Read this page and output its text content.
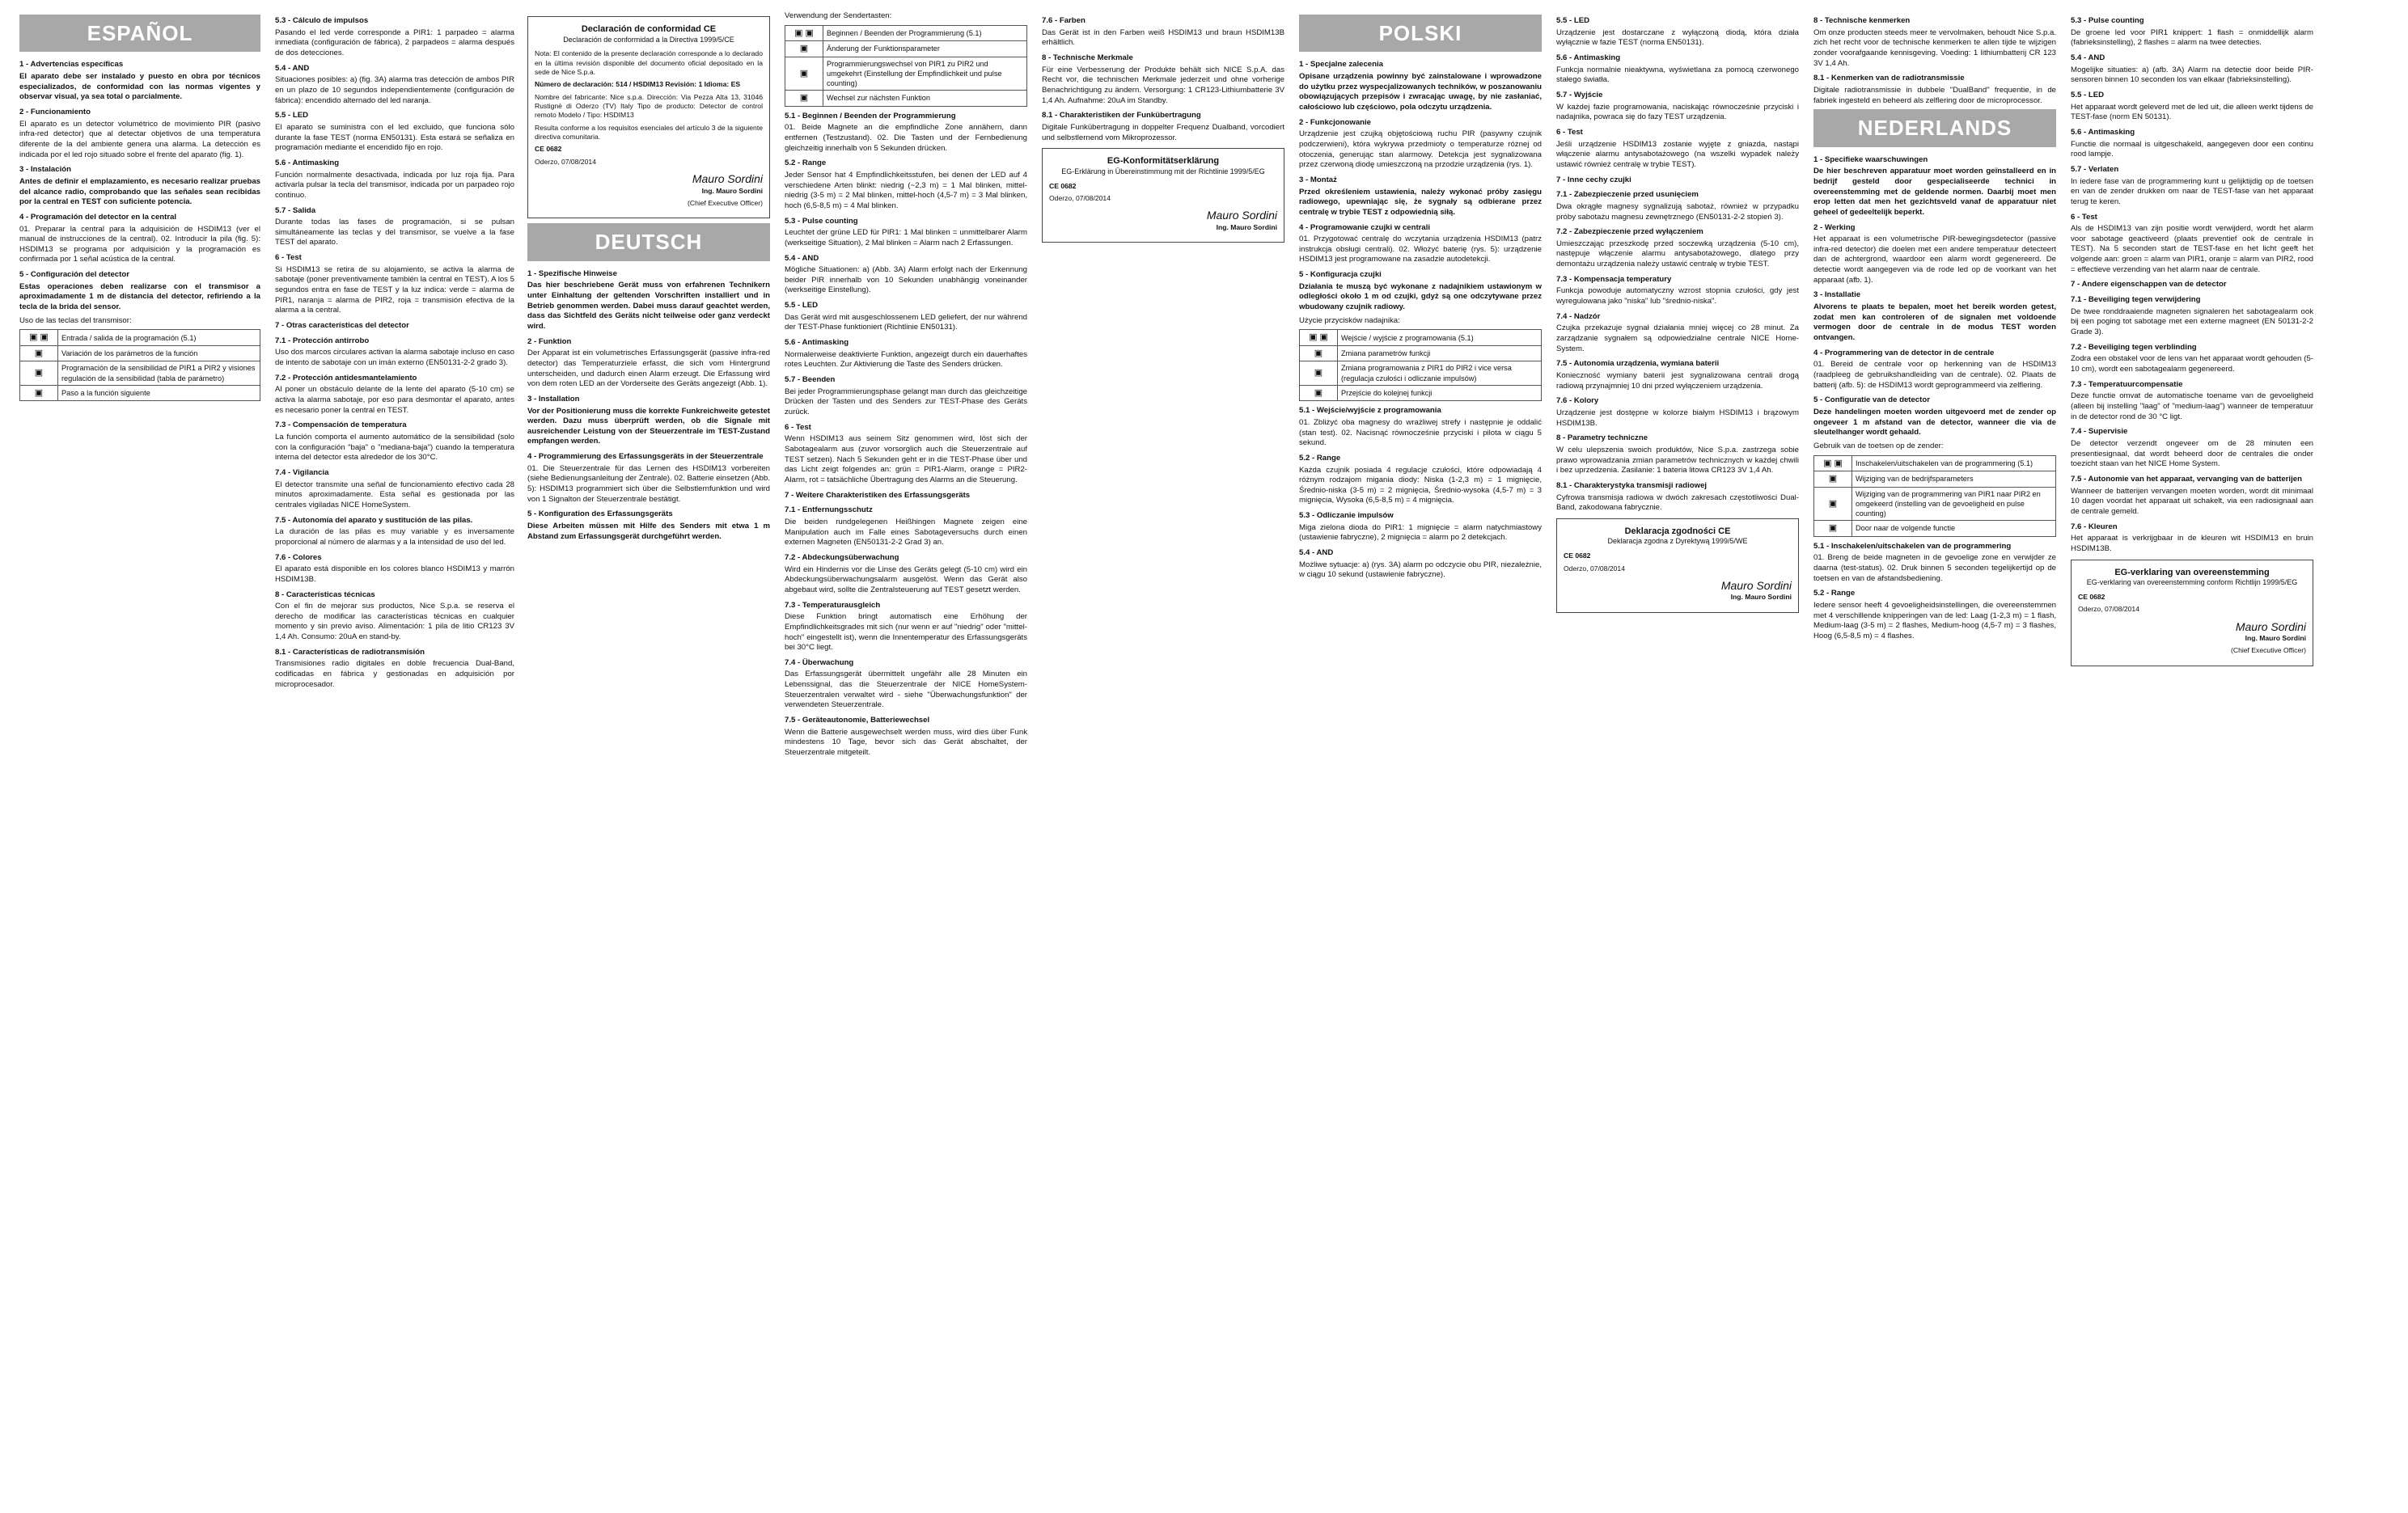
ESPAÑOL
1 - Advertencias específicas

El aparato debe ser instalado y puesto en obra por técnicos especializados, de conformidad con las normas vigentes y observar visual, ya sea total o parcialmente.

2 - Funcionamiento

El aparato es un detector volumétrico de movimiento PIR (pasivo infra-red detector) que al detectar objetivos de una temperatura diferente de la del ambiente genera una alarma. La detección es indicada por el led rojo situado sobre el frente del aparato (fig. 1).

3 - Instalación

Antes de definir el emplazamiento, es necesario realizar pruebas del alcance radio, comprobando que las señales sean recibidas por la central en TEST con suficiente potencia.

4 - Programación del detector en la central

01. Preparar la central para la adquisición de HSDIM13 (ver el manual de instrucciones de la central). 02. Introducir la pila (fig. 5): HSDIM13 se programa por adquisición y la programación es confirmada por 1 señal acústica de la central.

5 - Configuración del detector

Estas operaciones deben realizarse con el transmisor a aproximadamente 1 m de distancia del detector, refiriendo a la tecla de la brida del sensor.

Uso de las teclas del transmisor:

▣ ▣	Entrada / salida de la programación (5.1)
▣	Variación de los parámetros de la función
▣	Programación de la sensibilidad de PIR1 a PIR2 y visiones regulación de la sensibilidad (tabla de parámetro)
▣	Paso a la función siguiente
5.3 - Cálculo de impulsos

Pasando el led verde corresponde a PIR1: 1 parpadeo = alarma inmediata (configuración de fábrica), 2 parpadeos = alarma después de dos detecciones.

5.4 - AND

Situaciones posibles: a) (fig. 3A) alarma tras detección de ambos PIR en un plazo de 10 segundos independientemente (configuración de fábrica): encendido alternado del led naranja.

5.5 - LED

El aparato se suministra con el led excluido, que funciona sólo durante la fase TEST (norma EN50131). Esta estará se señaliza en programación mediante el encendido fijo en rojo.

5.6 - Antimasking

Función normalmente desactivada, indicada por luz roja fija. Para activarla pulsar la tecla del transmisor, indicada por un parpadeo rojo continuo.

5.7 - Salida

Durante todas las fases de programación, si se pulsan simultáneamente las teclas y del transmisor, se vuelve a la fase TEST del aparato.

6 - Test

Si HSDIM13 se retira de su alojamiento, se activa la alarma de sabotaje (poner preventivamente también la central en TEST). A los 5 segundos entra en fase de TEST y la luz indica: verde = alarma de PIR1, naranja = alarma de PIR2, roja = transmisión efectiva de la alarma a la central.

7 - Otras características del detector
7.1 - Protección antirrobo

Uso dos marcos circulares activan la alarma sabotaje incluso en caso de intento de sabotaje con un imán externo (EN50131-2-2 grado 3).

7.2 - Protección antidesmantelamiento

Al poner un obstáculo delante de la lente del aparato (5-10 cm) se activa la alarma sabotaje, por eso para desmontar el aparato, antes es necesario poner la central en TEST.

7.3 - Compensación de temperatura

La función comporta el aumento automático de la sensibilidad (solo con la configuración "baja" o "mediana-baja") cuando la temperatura interna del detector esta alrededor de los 30°C.

7.4 - Vigilancia

El detector transmite una señal de funcionamiento efectivo cada 28 minutos aproximadamente. Esta señal es gestionada por las centrales vigiladas NICE HomeSystem.

7.5 - Autonomía del aparato y sustitución de las pilas.

La duración de las pilas es muy variable y es inversamente proporcional al número de alarmas y a la intensidad de uso del led.

7.6 - Colores

El aparato está disponible en los colores blanco HSDIM13 y marrón HSDIM13B.

8 - Características técnicas

Con el fin de mejorar sus productos, Nice S.p.a. se reserva el derecho de modificar las características técnicas en cualquier momento y sin previo aviso. Alimentación: 1 pila de litio CR123 3V 1,4 Ah. Consumo: 20uA en stand-by.

8.1 - Características de radiotransmisión

Transmisiones radio digitales en doble frecuencia Dual-Band, codificadas en fábrica y gestionadas en adquisición por microprocesador.

Declaración de conformidad CE
Declaración de conformidad a la Directiva 1999/5/CE

Nota: El contenido de la presente declaración corresponde a lo declarado en la última revisión disponible del documento oficial depositado en la sede de Nice S.p.a.

Número de declaración: 514 / HSDIM13 Revisión: 1 Idioma: ES

Nombre del fabricante: Nice s.p.a. Dirección: Via Pezza Alta 13, 31046 Rustignè di Oderzo (TV) Italy Tipo de producto: Detector de control remoto Modelo / Tipo: HSDIM13

Resulta conforme a los requisitos esenciales del artículo 3 de la siguiente directiva comunitaria.

CE 0682

Oderzo, 07/08/2014

Mauro Sordini

Ing. Mauro Sordini

(Chief Executive Officer)

DEUTSCH
1 - Spezifische Hinweise

Das hier beschriebene Gerät muss von erfahrenen Technikern unter Einhaltung der geltenden Vorschriften installiert und in Betrieb genommen werden. Dabei muss darauf geachtet werden, dass das Sichtfeld des Geräts nicht teilweise oder ganz verdeckt wird.

2 - Funktion

Der Apparat ist ein volumetrisches Erfassungsgerät (passive infra-red detector) das Temperaturziele erfasst, die sich vom Hintergrund unterscheiden, und dadurch einen Alarm erzeugt. Die Erfassung wird von dem roten LED an der Vorderseite des Geräts angezeigt (Abb. 1).

3 - Installation

Vor der Positionierung muss die korrekte Funkreichweite getestet werden. Dazu muss überprüft werden, ob die Signale mit ausreichender Leistung von der Steuerzentrale im TEST-Zustand empfangen werden.

4 - Programmierung des Erfassungsgeräts in der Steuerzentrale

01. Die Steuerzentrale für das Lernen des HSDIM13 vorbereiten (siehe Bedienungsanleitung der Zentrale). 02. Batterie einsetzen (Abb. 5): HSDIM13 programmiert sich über die Selbstlernfunktion und wird von 1 Signalton der Steuerzentrale bestätigt.

5 - Konfiguration des Erfassungsgeräts

Diese Arbeiten müssen mit Hilfe des Senders mit etwa 1 m Abstand zum Erfassungsgerät durchgeführt werden.

Verwendung der Sendertasten:

▣ ▣	Beginnen / Beenden der Programmierung (5.1)
▣	Änderung der Funktionsparameter
▣	Programmierungswechsel von PIR1 zu PIR2 und umgekehrt (Einstellung der Empfindlichkeit und pulse counting)
▣	Wechsel zur nächsten Funktion
5.1 - Beginnen / Beenden der Programmierung

01. Beide Magnete an die empfindliche Zone annähern, dann entfernen (Testzustand). 02. Die Tasten und der Fernbedienung gleichzeitig innerhalb von 5 Sekunden drücken.

5.2 - Range

Jeder Sensor hat 4 Empfindlichkeitsstufen, bei denen der LED auf 4 verschiedene Arten blinkt: niedrig (~2,3 m) = 1 Mal blinken, mittel-niedrig (3-5 m) = 2 Mal blinken, mittel-hoch (4,5-7 m) = 3 Mal blinken, hoch (6,5-8,5 m) = 4 Mal blinken.

5.3 - Pulse counting

Leuchtet der grüne LED für PIR1: 1 Mal blinken = unmittelbarer Alarm (werkseitige Situation), 2 Mal blinken = Alarm nach 2 Erfassungen.

5.4 - AND

Mögliche Situationen: a) (Abb. 3A) Alarm erfolgt nach der Erkennung beider PIR innerhalb von 10 Sekunden unabhängig voneinander (werkseitige Einstellung).

5.5 - LED

Das Gerät wird mit ausgeschlossenem LED geliefert, der nur während der TEST-Phase funktioniert (Richtlinie EN50131).

5.6 - Antimasking

Normalerweise deaktivierte Funktion, angezeigt durch ein dauerhaftes rotes Leuchten. Zur Aktivierung die Taste des Senders drücken.

5.7 - Beenden

Bei jeder Programmierungsphase gelangt man durch das gleichzeitige Drücken der Tasten und des Senders zur TEST-Phase des Geräts zurück.

6 - Test

Wenn HSDIM13 aus seinem Sitz genommen wird, löst sich der Sabotagealarm aus (zuvor vorsorglich auch die Steuerzentrale auf TEST setzen). Nach 5 Sekunden geht er in die TEST-Phase über und das Licht zeigt folgendes an: grün = PIR1-Alarm, orange = PIR2-Alarm, rot = tatsächliche Übertragung des Alarms an die Steuerung.

7 - Weitere Charakteristiken des Erfassungsgeräts
7.1 - Entfernungsschutz

Die beiden rundgelegenen Heißhingen Magnete zeigen eine Manipulation auch im Falle eines Sabotageversuchs durch einen externen Magneten (EN50131-2-2 Grad 3) an.

7.2 - Abdeckungsüberwachung

Wird ein Hindernis vor die Linse des Geräts gelegt (5-10 cm) wird ein Abdeckungsüberwachungsalarm ausgelöst. Wenn das Gerät also abgebaut wird, sollte die Zentralsteuerung auf TEST gesetzt werden.

7.3 - Temperaturausgleich

Diese Funktion bringt automatisch eine Erhöhung der Empfindlichkeitsgrades mit sich (nur wenn er auf "niedrig" oder "mittel-hoch" eingestellt ist), wenn die Innentemperatur des Erfassungsgeräts bei 30°C liegt.

7.4 - Überwachung

Das Erfassungsgerät übermittelt ungefähr alle 28 Minuten ein Lebenssignal, das die Steuerzentrale der NICE HomeSystem-Steuerzentralen verwaltet wird - siehe "Überwachungsfunktion" der verwendeten Steuerzentrale.

7.5 - Geräteautonomie, Batteriewechsel

Wenn die Batterie ausgewechselt werden muss, wird dies über Funk mindestens 10 Tage, bevor sich das Gerät abschaltet, der Steuerzentrale mitgeteilt.

7.6 - Farben

Das Gerät ist in den Farben weiß HSDIM13 und braun HSDIM13B erhältlich.

8 - Technische Merkmale

Für eine Verbesserung der Produkte behält sich NICE S.p.A. das Recht vor, die technischen Merkmale jederzeit und ohne vorherige Benachrichtigung zu ändern. Versorgung: 1 CR123-Lithiumbatterie 3V 1,4 Ah. Aufnahme: 20uA im Standby.

8.1 - Charakteristiken der Funkübertragung

Digitale Funkübertragung in doppelter Frequenz Dualband, vorcodiert und selbstlernend vom Mikroprozessor.

EG-Konformitätserklärung
EG-Erklärung in Übereinstimmung mit der Richtlinie 1999/5/EG

CE 0682

Oderzo, 07/08/2014

Mauro Sordini

Ing. Mauro Sordini

POLSKI
1 - Specjalne zalecenia

Opisane urządzenia powinny być zainstalowane i wprowadzone do użytku przez wyspecjalizowanych techników, w poszanowaniu obowiązujących przepisów i zwracając uwagę, by nie zasłaniać, całościowo lub częściowo, pola odczytu urządzenia.

2 - Funkcjonowanie

Urządzenie jest czujką objętościową ruchu PIR (pasywny czujnik podczerwieni), która wykrywa przedmioty o temperaturze różnej od otoczenia, generując stan alarmowy. Detekcja jest sygnalizowana przez czerwoną diodę umieszczoną na przodzie urządzenia (rys. 1).

3 - Montaż

Przed określeniem ustawienia, należy wykonać próby zasięgu radiowego, upewniając się, że sygnały są odbierane przez centralę w trybie TEST z odpowiednią siłą.

4 - Programowanie czujki w centrali

01. Przygotować centralę do wczytania urządzenia HSDIM13 (patrz instrukcja obsługi centrali). 02. Włożyć baterię (rys. 5): urządzenie HSDIM13 jest programowane na zasadzie autodetekcji.

5 - Konfiguracja czujki

Działania te muszą być wykonane z nadajnikiem ustawionym w odległości około 1 m od czujki, gdyż są one odczytywane przez wbudowany czujnik radiowy.

Użycie przycisków nadajnika:

▣ ▣	Wejście / wyjście z programowania (5.1)
▣	Zmiana parametrów funkcji
▣	Zmiana programowania z PIR1 do PIR2 i vice versa (regulacja czułości i odliczanie impulsów)
▣	Przejście do kolejnej funkcji
5.1 - Wejście/wyjście z programowania

01. Zbliżyć oba magnesy do wrażliwej strefy i następnie je oddalić (stan test). 02. Nacisnąć równocześnie przyciski i pilota w ciągu 5 sekund.

5.2 - Range

Każda czujnik posiada 4 regulacje czułości, które odpowiadają 4 różnym rodzajom migania diody: Niska (1-2,3 m) = 1 mignięcie, Średnio-niska (3-5 m) = 2 mignięcia, Średnio-wysoka (4,5-7 m) = 3 mignięcia, Wysoka (6,5-8,5 m) = 4 mignięcia.

5.3 - Odliczanie impulsów

Miga zielona dioda do PIR1: 1 mignięcie = alarm natychmiastowy (ustawienie fabryczne), 2 mignięcia = alarm po 2 detekcjach.

5.4 - AND

Możliwe sytuacje: a) (rys. 3A) alarm po odczycie obu PIR, niezależnie, w ciągu 10 sekund (ustawienie fabryczne).

5.5 - LED

Urządzenie jest dostarczane z wyłączoną diodą, która działa wyłącznie w fazie TEST (norma EN50131).

5.6 - Antimasking

Funkcja normalnie nieaktywna, wyświetlana za pomocą czerwonego stałego światła.

5.7 - Wyjście

W każdej fazie programowania, naciskając równocześnie przyciski i nadajnika, powraca się do fazy TEST urządzenia.

6 - Test

Jeśli urządzenie HSDIM13 zostanie wyjęte z gniazda, nastąpi włączenie alarmu antysabotażowego (na wszelki wypadek należy ustawić również centralę w trybie TEST).

7 - Inne cechy czujki
7.1 - Zabezpieczenie przed usunięciem

Dwa okrągłe magnesy sygnalizują sabotaż, również w przypadku próby sabotażu magnesu zewnętrznego (EN50131-2-2 stopień 3).

7.2 - Zabezpieczenie przed wyłączeniem

Umieszczając przeszkodę przed soczewką urządzenia (5-10 cm), następuje włączenie alarmu antysabotażowego, dlatego przy demontażu urządzenia należy ustawić centralę w trybie TEST.

7.3 - Kompensacja temperatury

Funkcja powoduje automatyczny wzrost stopnia czułości, gdy jest wyregulowana jako "niska" lub "średnio-niska".

7.4 - Nadzór

Czujka przekazuje sygnał działania mniej więcej co 28 minut. Za zarządzanie sygnałem są odpowiedzialne centrale NICE Home-System.

7.5 - Autonomia urządzenia, wymiana baterii

Konieczność wymiany baterii jest sygnalizowana centrali drogą radiową przynajmniej 10 dni przed wyłączeniem urządzenia.

7.6 - Kolory

Urządzenie jest dostępne w kolorze białym HSDIM13 i brązowym HSDIM13B.

8 - Parametry techniczne

W celu ulepszenia swoich produktów, Nice S.p.a. zastrzega sobie prawo wprowadzania zmian parametrów technicznych w każdej chwili i bez uprzedzenia. Zasilanie: 1 bateria litowa CR123 3V 1,4 Ah.

8.1 - Charakterystyka transmisji radiowej

Cyfrowa transmisja radiowa w dwóch zakresach częstotliwości Dual-Band, zakodowana fabrycznie.

Deklaracja zgodności CE
Deklaracja zgodna z Dyrektywą 1999/5/WE

CE 0682

Oderzo, 07/08/2014

Mauro Sordini

Ing. Mauro Sordini

8 - Technische kenmerken

Om onze producten steeds meer te vervolmaken, behoudt Nice S.p.a. zich het recht voor de technische kenmerken te allen tijde te wijzigen zonder voorafgaande kennisgeving. Voeding: 1 lithiumbatterij CR 123 3V 1,4 Ah.

8.1 - Kenmerken van de radiotransmissie

Digitale radiotransmissie in dubbele "DualBand" frequentie, in de fabriek ingesteld en beheerd als zelflering door de microprocessor.

NEDERLANDS
1 - Specifieke waarschuwingen

De hier beschreven apparatuur moet worden geïnstalleerd en in bedrijf gesteld door gespecialiseerde technici in overeenstemming met de geldende normen. Daarbij moet men erop letten dat men het gezichtsveld vanaf de apparatuur niet geheel of gedeeltelijk beperkt.

2 - Werking

Het apparaat is een volumetrische PIR-bewegingsdetector (passive infra-red detector) die doelen met een andere temperatuur detecteert dan de achtergrond, waardoor een alarm wordt gegenereerd. De detectie wordt aangegeven via de rode led op de voorkant van het apparaat (afb. 1).

3 - Installatie

Alvorens te plaats te bepalen, moet het bereik worden getest, zodat men kan controleren of de signalen met voldoende vermogen door de centrale in de modus TEST worden ontvangen.

4 - Programmering van de detector in de centrale

01. Bereid de centrale voor op herkenning van de HSDIM13 (raadpleeg de gebruikshandleiding van de centrale). 02. Plaats de batterij (afb. 5): de HSDIM13 wordt geprogrammeerd via zelflering.

5 - Configuratie van de detector

Deze handelingen moeten worden uitgevoerd met de zender op ongeveer 1 m afstand van de detector, wanneer die via de sleutelhanger wordt gehaald.

Gebruik van de toetsen op de zender:

▣ ▣	Inschakelen/uitschakelen van de programmering (5.1)
▣	Wijziging van de bedrijfsparameters
▣	Wijziging van de programmering van PIR1 naar PIR2 en omgekeerd (instelling van de gevoeligheid en pulse counting)
▣	Door naar de volgende functie
5.1 - Inschakelen/uitschakelen van de programmering

01. Breng de beide magneten in de gevoelige zone en verwijder ze daarna (test-status). 02. Druk binnen 5 seconden tegelijkertijd op de toetsen en van de afstandsbediening.

5.2 - Range

Iedere sensor heeft 4 gevoeligheidsinstellingen, die overeenstemmen met 4 verschillende knipperingen van de led: Laag (1-2,3 m) = 1 flash, Medium-laag (3-5 m) = 2 flashes, Medium-hoog (4,5-7 m) = 3 flashes, Hoog (6,5-8,5 m) = 4 flashes.

5.3 - Pulse counting

De groene led voor PIR1 knippert: 1 flash = onmiddellijk alarm (fabrieksinstelling), 2 flashes = alarm na twee detecties.

5.4 - AND

Mogelijke situaties: a) (afb. 3A) Alarm na detectie door beide PIR-sensoren binnen 10 seconden los van elkaar (fabrieksinstelling).

5.5 - LED

Het apparaat wordt geleverd met de led uit, die alleen werkt tijdens de TEST-fase (norm EN 50131).

5.6 - Antimasking

Functie die normaal is uitgeschakeld, aangegeven door een continu rood lampje.

5.7 - Verlaten

In iedere fase van de programmering kunt u gelijktijdig op de toetsen en van de zender drukken om naar de TEST-fase van het apparaat terug te keren.

6 - Test

Als de HSDIM13 van zijn positie wordt verwijderd, wordt het alarm voor sabotage geactiveerd (plaats preventief ook de centrale in TEST). Na 5 seconden start de TEST-fase en het licht geeft het volgende aan: groen = alarm van PIR1, oranje = alarm van PIR2, rood = effectieve verzending van het alarm naar de centrale.

7 - Andere eigenschappen van de detector
7.1 - Beveiliging tegen verwijdering

De twee ronddraaiende magneten signaleren het sabotagealarm ook bij een poging tot sabotage met een externe magneet (EN 50131-2-2 Grade 3).

7.2 - Beveiliging tegen verblinding

Zodra een obstakel voor de lens van het apparaat wordt gehouden (5-10 cm), wordt een sabotagealarm gegenereerd.

7.3 - Temperatuurcompensatie

Deze functie omvat de automatische toename van de gevoeligheid (alleen bij instelling "laag" of "medium-laag") wanneer de temperatuur in de detector rond de 30 °C ligt.

7.4 - Supervisie

De detector verzendt ongeveer om de 28 minuten een presentiesignaal, dat wordt beheerd door de centrales die onder toezicht staan van het NICE Home System.

7.5 - Autonomie van het apparaat, vervanging van de batterijen

Wanneer de batterijen vervangen moeten worden, wordt dit minimaal 10 dagen voordat het apparaat uit schakelt, via een radiosignaal aan de centrale gemeld.

7.6 - Kleuren

Het apparaat is verkrijgbaar in de kleuren wit HSDIM13 en bruin HSDIM13B.

EG-verklaring van overeenstemming
EG-verklaring van overeenstemming conform Richtlijn 1999/5/EG

CE 0682

Oderzo, 07/08/2014

Mauro Sordini

Ing. Mauro Sordini

(Chief Executive Officer)
